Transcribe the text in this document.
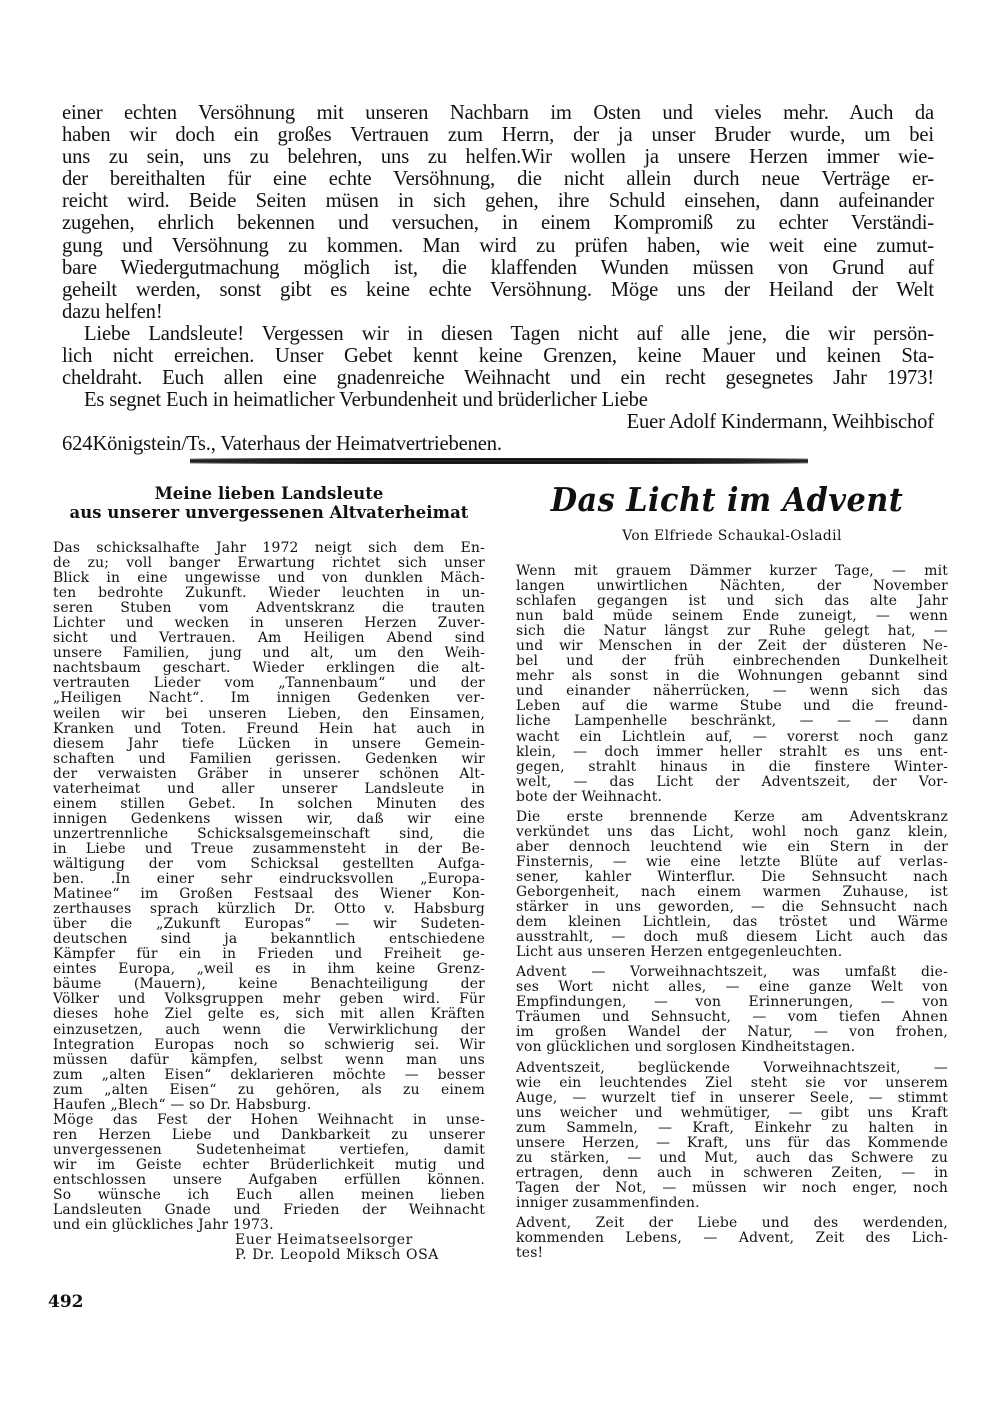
einer echten Versöhnung mit unseren Nachbarn im Osten und vieles mehr. Auch da
haben wir doch ein großes Vertrauen zum Herrn, der ja unser Bruder wurde, um bei
uns zu sein, uns zu belehren, uns zu helfen.Wir wollen ja unsere Herzen immer wie-
der bereithalten für eine echte Versöhnung, die nicht allein durch neue Verträge er-
reicht wird. Beide Seiten müsen in sich gehen, ihre Schuld einsehen, dann aufeinander
zugehen, ehrlich bekennen und versuchen, in einem Kompromiß zu echter Verständi-
gung und Versöhnung zu kommen. Man wird zu prüfen haben, wie weit eine zumut-
bare Wiedergutmachung möglich ist, die klaffenden Wunden müssen von Grund auf
geheilt werden, sonst gibt es keine echte Versöhnung. Möge uns der Heiland der Welt
dazu helfen!
Liebe Landsleute! Vergessen wir in diesen Tagen nicht auf alle jene, die wir persön-
lich nicht erreichen. Unser Gebet kennt keine Grenzen, keine Mauer und keinen Sta-
cheldraht. Euch allen eine gnadenreiche Weihnacht und ein recht gesegnetes Jahr 1973!
Es segnet Euch in heimatlicher Verbundenheit und brüderlicher Liebe
Euer Adolf Kindermann, Weihbischof
624Königstein/Ts., Vaterhaus der Heimatvertriebenen.
Meine lieben Landsleute
aus unserer unvergessenen Altvaterheimat
Das schicksalhafte Jahr 1972 neigt sich dem En-
de zu; voll banger Erwartung richtet sich unser
Blick in eine ungewisse und von dunklen Mäch-
ten bedrohte Zukunft. Wieder leuchten in un-
seren Stuben vom Adventskranz die trauten
Lichter und wecken in unseren Herzen Zuver-
sicht und Vertrauen. Am Heiligen Abend sind
unsere Familien, jung und alt, um den Weih-
nachtsbaum geschart. Wieder erklingen die alt-
vertrauten Lieder vom „Tannenbaum“ und der
„Heiligen Nacht“. Im innigen Gedenken ver-
weilen wir bei unseren Lieben, den Einsamen,
Kranken und Toten. Freund Hein hat auch in
diesem Jahr tiefe Lücken in unsere Gemein-
schaften und Familien gerissen. Gedenken wir
der verwaisten Gräber in unserer schönen Alt-
vaterheimat und aller unserer Landsleute in
einem stillen Gebet. In solchen Minuten des
innigen Gedenkens wissen wir, daß wir eine
unzertrennliche Schicksalsgemeinschaft sind, die
in Liebe und Treue zusammensteht in der Be-
wältigung der vom Schicksal gestellten Aufga-
ben. .In einer sehr eindrucksvollen „Europa-
Matinee“ im Großen Festsaal des Wiener Kon-
zerthauses sprach kürzlich Dr. Otto v. Habsburg
über die „Zukunft Europas“ — wir Sudeten-
deutschen sind ja bekanntlich entschiedene
Kämpfer für ein in Frieden und Freiheit ge-
eintes Europa, „weil es in ihm keine Grenz-
bäume (Mauern), keine Benachteiligung der
Völker und Volksgruppen mehr geben wird. Für
dieses hohe Ziel gelte es, sich mit allen Kräften
einzusetzen, auch wenn die Verwirklichung der
Integration Europas noch so schwierig sei. Wir
müssen dafür kämpfen, selbst wenn man uns
zum „alten Eisen“ deklarieren möchte — besser
zum „alten Eisen“ zu gehören, als zu einem
Haufen „Blech“ — so Dr. Habsburg.
Möge das Fest der Hohen Weihnacht in unse-
ren Herzen Liebe und Dankbarkeit zu unserer
unvergessenen Sudetenheimat vertiefen, damit
wir im Geiste echter Brüderlichkeit mutig und
entschlossen unsere Aufgaben erfüllen können.
So wünsche ich Euch allen meinen lieben
Landsleuten Gnade und Frieden der Weihnacht
und ein glückliches Jahr 1973.
Euer Heimatseelsorger
P. Dr. Leopold Miksch OSA
Das Licht im Advent
Von Elfriede Schaukal-Osladil
Wenn mit grauem Dämmer kurzer Tage, — mit
langen unwirtlichen Nächten, der November
schlafen gegangen ist und sich das alte Jahr
nun bald müde seinem Ende zuneigt, — wenn
sich die Natur längst zur Ruhe gelegt hat, —
und wir Menschen in der Zeit der düsteren Ne-
bel und der früh einbrechenden Dunkelheit
mehr als sonst in die Wohnungen gebannt sind
und einander näherrücken, — wenn sich das
Leben auf die warme Stube und die freund-
liche Lampenhelle beschränkt, — — — dann
wacht ein Lichtlein auf, — vorerst noch ganz
klein, — doch immer heller strahlt es uns ent-
gegen, strahlt hinaus in die finstere Winter-
welt, — das Licht der Adventszeit, der Vor-
bote der Weihnacht.
Die erste brennende Kerze am Adventskranz
verkündet uns das Licht, wohl noch ganz klein,
aber dennoch leuchtend wie ein Stern in der
Finsternis, — wie eine letzte Blüte auf verlas-
sener, kahler Winterflur. Die Sehnsucht nach
Geborgenheit, nach einem warmen Zuhause, ist
stärker in uns geworden, — die Sehnsucht nach
dem kleinen Lichtlein, das tröstet und Wärme
ausstrahlt, — doch muß diesem Licht auch das
Licht aus unseren Herzen entgegenleuchten.
Advent — Vorweihnachtszeit, was umfaßt die-
ses Wort nicht alles, — eine ganze Welt von
Empfindungen, — von Erinnerungen, — von
Träumen und Sehnsucht, — vom tiefen Ahnen
im großen Wandel der Natur, — von frohen,
von glücklichen und sorglosen Kindheitstagen.
Adventszeit, beglückende Vorweihnachtszeit, —
wie ein leuchtendes Ziel steht sie vor unserem
Auge, — wurzelt tief in unserer Seele, — stimmt
uns weicher und wehmütiger, — gibt uns Kraft
zum Sammeln, — Kraft, Einkehr zu halten in
unsere Herzen, — Kraft, uns für das Kommende
zu stärken, — und Mut, auch das Schwere zu
ertragen, denn auch in schweren Zeiten, — in
Tagen der Not, — müssen wir noch enger, noch
inniger zusammenfinden.
Advent, Zeit der Liebe und des werdenden,
kommenden Lebens, — Advent, Zeit des Lich-
tes!
492
